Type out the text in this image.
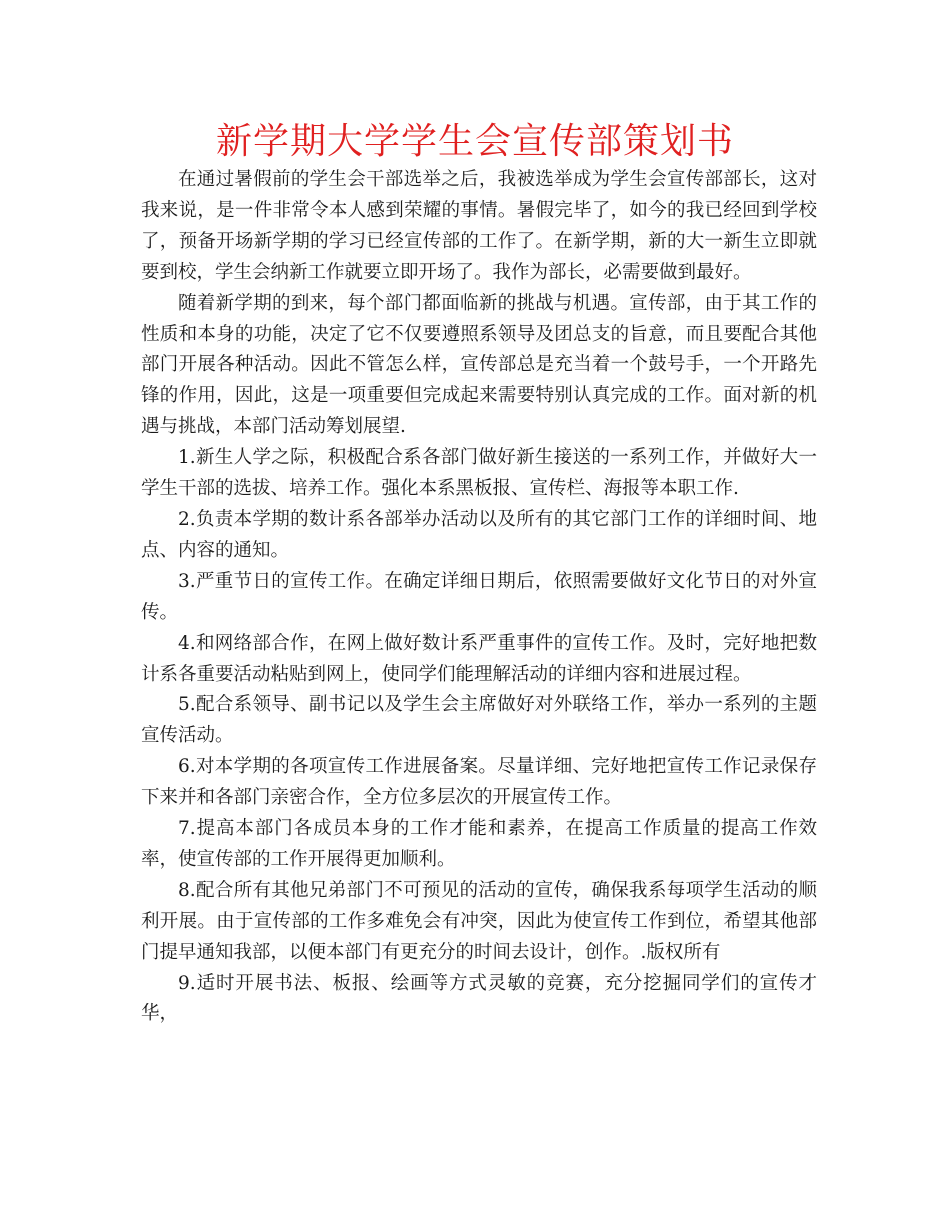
新学期大学学生会宣传部策划书

在通过暑假前的学生会干部选举之后，我被选举成为学生会宣传部部长，这对我来说，是一件非常令本人感到荣耀的事情。暑假完毕了，如今的我已经回到学校了，预备开场新学期的学习已经宣传部的工作了。在新学期，新的大一新生立即就要到校，学生会纳新工作就要立即开场了。我作为部长，必需要做到最好。

随着新学期的到来，每个部门都面临新的挑战与机遇。宣传部，由于其工作的性质和本身的功能，决定了它不仅要遵照系领导及团总支的旨意，而且要配合其他部门开展各种活动。因此不管怎么样，宣传部总是充当着一个鼓号手，一个开路先锋的作用，因此，这是一项重要但完成起来需要特别认真完成的工作。面对新的机遇与挑战，本部门活动筹划展望.

1.新生人学之际，积极配合系各部门做好新生接送的一系列工作，并做好大一学生干部的选拔、培养工作。强化本系黑板报、宣传栏、海报等本职工作.

2.负责本学期的数计系各部举办活动以及所有的其它部门工作的详细时间、地点、内容的通知。

3.严重节日的宣传工作。在确定详细日期后，依照需要做好文化节日的对外宣传。

4.和网络部合作，在网上做好数计系严重事件的宣传工作。及时，完好地把数计系各重要活动粘贴到网上，使同学们能理解活动的详细内容和进展过程。

5.配合系领导、副书记以及学生会主席做好对外联络工作，举办一系列的主题宣传活动。

6.对本学期的各项宣传工作进展备案。尽量详细、完好地把宣传工作记录保存下来并和各部门亲密合作，全方位多层次的开展宣传工作。

7.提高本部门各成员本身的工作才能和素养，在提高工作质量的提高工作效率，使宣传部的工作开展得更加顺利。

8.配合所有其他兄弟部门不可预见的活动的宣传，确保我系每项学生活动的顺利开展。由于宣传部的工作多难免会有冲突，因此为使宣传工作到位，希望其他部门提早通知我部，以便本部门有更充分的时间去设计，创作。.版权所有

9.适时开展书法、板报、绘画等方式灵敏的竞赛，充分挖掘同学们的宣传才华，
